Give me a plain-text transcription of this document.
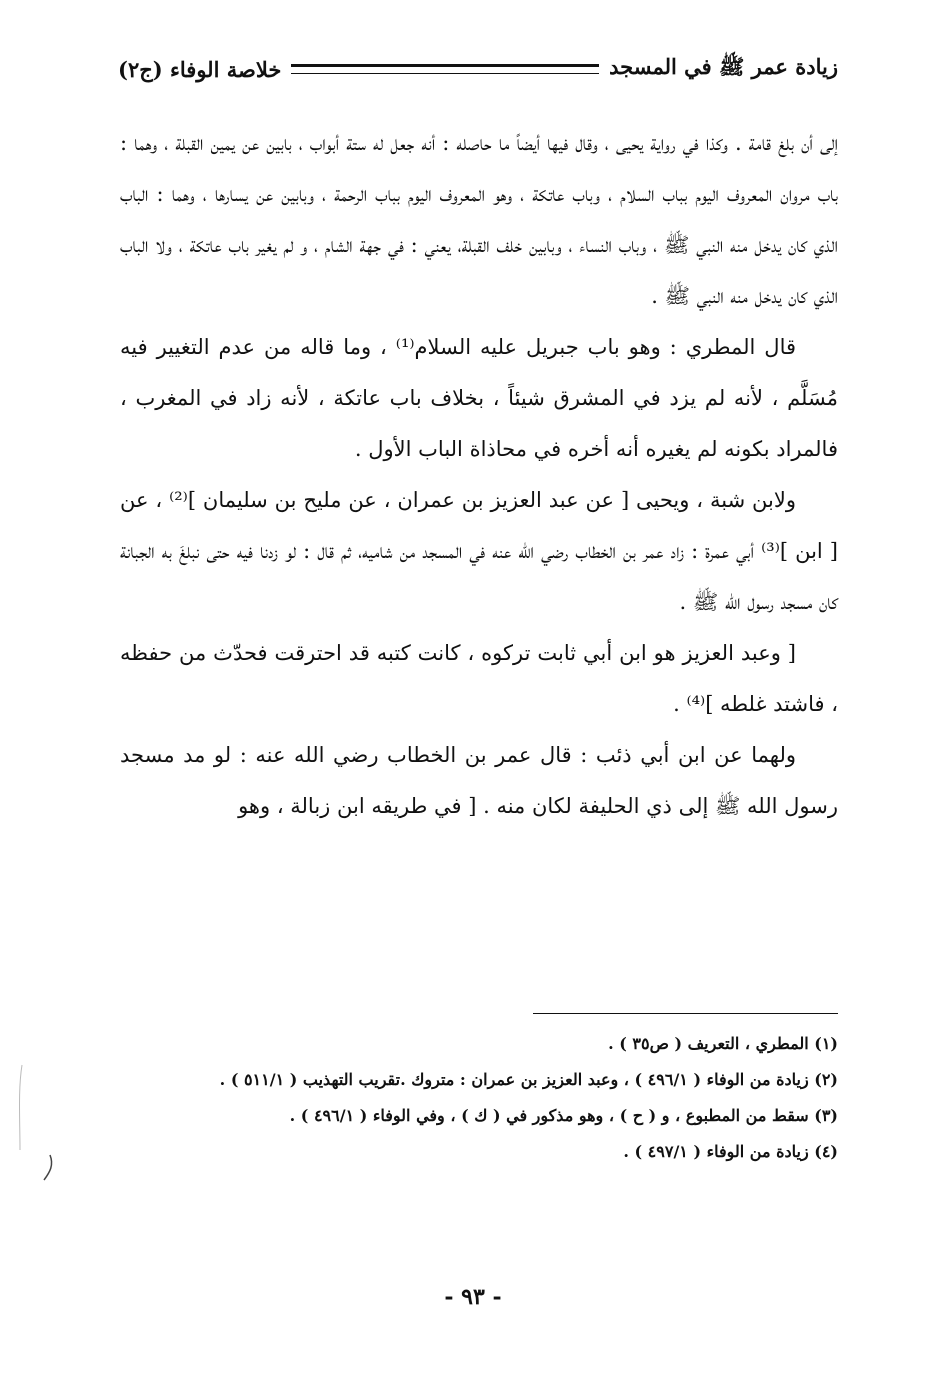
زيادة عمر ﷺ في المسجد
خلاصة الوفاء (ج٢)

إلى أن بلغ قامة . وكذا في رواية يحيى ، وقال فيها أيضاً ما حاصله : أنه جعل له ستة أبواب ، بابين عن يمين القبلة ، وهما : باب مروان المعروف اليوم بباب السلام ، وباب عاتكة ، وهو المعروف اليوم بباب الرحمة ، وبابين عن يسارها ، وهما : الباب الذي كان يدخل منه النبي ﷺ ، وباب النساء ، وبابين خلف القبلة، يعني : في جهة الشام ، و لم يغير باب عاتكة ، ولا الباب الذي كان يدخل منه النبي ﷺ .

قال المطري : وهو باب جبريل عليه السلام⁽¹⁾ ، وما قاله من عدم التغيير فيه مُسَلَّم ، لأنه لم يزد في المشرق شيئاً ، بخلاف باب عاتكة ، لأنه زاد في المغرب ، فالمراد بكونه لم يغيره أنه أخره في محاذاة الباب الأول .

ولابن شبة ، ويحيى [ عن عبد العزيز بن عمران ، عن مليح بن سليمان ]⁽²⁾ ، عن [ ابن ]⁽³⁾ أبي عمرة : زاد عمر بن الخطاب رضي الله عنه في المسجد من شاميه، ثم قال : لو زدنا فيه حتى نبلغَ به الجبانة كان مسجد رسول الله ﷺ .

[ وعبد العزيز هو ابن أبي ثابت تركوه ، كانت كتبه قد احترقت فحدّث من حفظه ، فاشتد غلطه ]⁽⁴⁾ .

ولهما عن ابن أبي ذئب : قال عمر بن الخطاب رضي الله عنه : لو مد مسجد رسول الله ﷺ إلى ذي الحليفة لكان منه . [ في طريقه ابن زبالة ، وهو

(١) المطري ، التعريف ( ص٣٥ ) .
(٢) زيادة من الوفاء ( ٤٩٦/١ ) ، وعبد العزيز بن عمران : متروك .تقريب التهذيب ( ٥١١/١ ) .
(٣) سقط من المطبوع ، و ( ح ) ، وهو مذكور في ( ك ) ، وفي الوفاء ( ٤٩٦/١ ) .
(٤) زيادة من الوفاء ( ٤٩٧/١ ) .
- ٩٣ -
